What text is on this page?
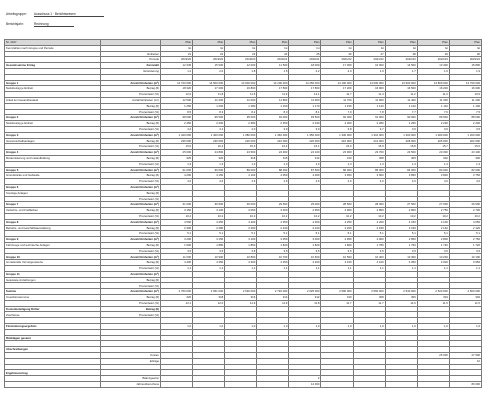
Arbeitsgruppe: Ausschuss 1 · Berichtswesen
Berichtsjahr:	Rechnung
Nr. 2017		Plan	Plan	Plan	Plan	Plan	Plan	Plan	Plan	Plan	Plan
Kennzahlen nach Gruppe und Periode		Ist	Ist	Ist	Ist	Ist	Ist	Ist	Ist	Ist	Ist
	Einheiten	21	22	23	24	25	26	27	28	29	30
	Periode	2019/20	2019/20	2019/20	2020/21	2020/21	2021/22	2021/22	2022/23	2022/23	2023/24
Gesamtsumme Ertrag	Kennzahl	12 345	15 000	12 000	11 500	18 000	17 000	16 000	14 500	13 400	15 800
	Veränderung	1,2	2,0	1,8	1,5	2,2	2,0	1,9	1,7	1,6	1,9

Gruppe 1	Anzahl Einheiten (m²)	14 720 000	14 500 000	14 000 000	14 200 000	14 250 000	14 100 000	14 000 000	13 900 000	13 800 000	13 700 000
Nettobetrag je Einheit	Betrag (€)	18 320	17 200	16 800	17 500	17 800	17 200	16 900	16 500	16 200	16 000
	Prozentsatz (%)	12,0	11,8	11,5	11,9	12,1	11,7	11,4	11,2	11,0	10,9
Anteil am Gesamtbestand	Anzahl Einheiten (m²)	12 500	12 200	12 000	11 800	11 900	11 700	11 600	11 400	11 300	11 200
	Betrag (€)	1 250	1 200	1 180	1 160	1 170	1 150	1 140	1 120	1 110	1 100
	Prozentsatz (%)	8,5	8,3	8,2	8,0	8,1	7,9	7,8	7,7	7,6	7,5
Gruppe 2	Anzahl Einheiten (m²)	98 000	96 500	95 000	94 000	93 500	92 000	91 000	90 000	89 500	88 000
Nettobetrag je Einheit	Betrag (€)	2 450	2 400	2 380	2 350	2 330	2 300	2 280	2 250	2 230	2 200
	Prozentsatz (%)	4,2	4,1	4,0	3,9	3,9	3,8	3,7	3,6	3,6	3,5
Gruppe 3	Anzahl Einheiten (m²)	1 420 000	1 400 000	1 380 000	1 360 000	1 350 000	1 330 000	1 310 000	1 300 000	1 280 000	1 260 000
Gemeinschaftsanlagen	Betrag (€)	236 000	230 000	226 000	222 000	220 000	216 000	212 000	208 000	205 000	202 000
	Prozentsatz (%)	16,6	16,4	16,3	16,2	16,1	16,0	15,9	15,8	15,7	15,6
Gruppe 4	Anzahl Einheiten (m²)	25 000	24 800	24 500	24 300	24 100	23 900	23 700	23 500	23 300	23 100
Modernisierung und Instandhaltung	Betrag (€)	325	320	318	315	312	310	308	305	302	300
	Prozentsatz (%)	1,3	1,3	1,3	1,3	1,3	1,3	1,3	1,3	1,3	1,3
Gruppe 5	Anzahl Einheiten (m²)	91 000	90 000	89 000	88 000	87 500	86 000	85 000	84 000	83 000	82 000
Grundstücke und Gebäude	Betrag (€)	4 200	4 150	4 100	4 050	4 000	3 950	3 900	3 850	3 800	3 750
	Prozentsatz (%)	4,6	4,6	4,6	4,6	4,6	4,6	4,6	4,6	4,6	4,6
Gruppe 6	Anzahl Einheiten (m²)										
Sonstige Anlagen	Betrag (€)										
	Prozentsatz (%)										
Gruppe 7	Anzahl Einheiten (m²)	31 000	30 500	30 000	29 500	29 000	28 500	28 000	27 500	27 000	26 500
Verkehrs- und Freiflächen	Betrag (€)	3 150	3 100	3 050	3 000	2 950	2 900	2 850	2 800	2 750	2 700
	Prozentsatz (%)	10,2	10,2	10,2	10,2	10,2	10,2	10,2	10,2	10,2	10,2
Gruppe 8	Anzahl Einheiten (m²)	4 500	4 450	4 400	4 350	4 300	4 250	4 200	4 150	4 100	4 050
Betriebs- und Geschäftsausstattung	Betrag (€)	2 300	2 280	2 260	2 240	2 220	2 200	2 180	2 160	2 140	2 120
	Prozentsatz (%)	5,1	5,1	5,1	5,1	5,1	5,1	5,1	5,1	5,1	5,1
Gruppe 9	Anzahl Einheiten (m²)	3 200	3 150	3 100	3 050	3 000	2 950	2 900	2 850	2 800	2 750
Fahrzeuge und technische Anlagen	Betrag (€)	1 900	1 880	1 860	1 840	1 820	1 800	1 780	1 760	1 740	1 720
	Prozentsatz (%)	3,5	3,5	3,5	3,5	3,5	3,5	3,5	3,5	3,5	3,5
Gruppe 10	Anzahl Einheiten (m²)	11 000	10 900	10 800	10 700	10 600	10 500	10 400	10 300	10 200	10 100
Immaterielle Vermögenswerte	Betrag (€)	4 400	4 350	4 300	4 250	4 200	4 150	4 100	4 050	4 000	3 950
	Prozentsatz (%)	1,1	1,1	1,1	1,1	1,1	1,1	1,1	1,1	1,1	1,1
Gruppe 11	Anzahl Einheiten (m²)										
Geleistete Anzahlungen	Betrag (€)										
	Prozentsatz (%)										
Summe	Anzahl Einheiten (m²)	2 750 000	2 661 000	2 630 000	2 730 000	2 625 000	2 590 000	2 560 000	2 540 000	2 520 000	2 500 000
Investitionssumme	Betrag (€)	320	318	316	314	312	310	308	306	304	302
	Prozentsatz (%)	12,1	12,0	11,9	11,9	11,8	11,7	11,7	11,6	11,5	11,5
Kostenbeteiligung Dritter	Betrag (€)										
Zuschüsse	Prozentsatz (%)										

Finanzierungsergebnis		1,0	1,0	1,0	1,0	1,0	1,0	1,0	1,0	1,0	1,0

Rücklagen gesamt											

Abschreibungen											
	Kosten									25 000	27 500
	Erträge										12

Ergebnisvortrag											
	Bilanzgewinn					2					
	Jahresüberschuss					12 000					80 000
